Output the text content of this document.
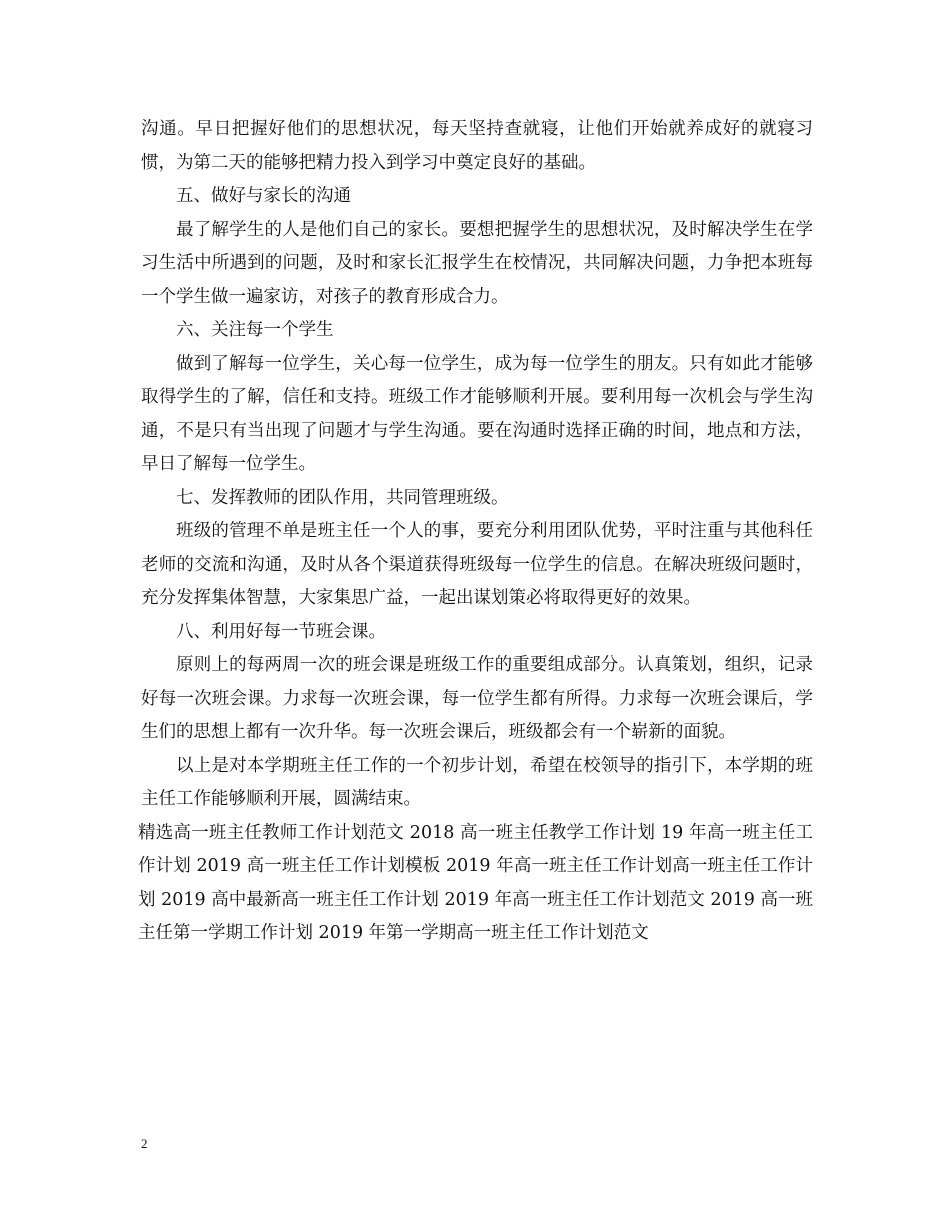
沟通。早日把握好他们的思想状况，每天坚持查就寝，让他们开始就养成好的就寝习惯，为第二天的能够把精力投入到学习中奠定良好的基础。

五、做好与家长的沟通

最了解学生的人是他们自己的家长。要想把握学生的思想状况，及时解决学生在学习生活中所遇到的问题，及时和家长汇报学生在校情况，共同解决问题，力争把本班每一个学生做一遍家访，对孩子的教育形成合力。

六、关注每一个学生

做到了解每一位学生，关心每一位学生，成为每一位学生的朋友。只有如此才能够取得学生的了解，信任和支持。班级工作才能够顺利开展。要利用每一次机会与学生沟通，不是只有当出现了问题才与学生沟通。要在沟通时选择正确的时间，地点和方法，早日了解每一位学生。

七、发挥教师的团队作用，共同管理班级。

班级的管理不单是班主任一个人的事，要充分利用团队优势，平时注重与其他科任老师的交流和沟通，及时从各个渠道获得班级每一位学生的信息。在解决班级问题时，充分发挥集体智慧，大家集思广益，一起出谋划策必将取得更好的效果。

八、利用好每一节班会课。

原则上的每两周一次的班会课是班级工作的重要组成部分。认真策划，组织，记录好每一次班会课。力求每一次班会课，每一位学生都有所得。力求每一次班会课后，学生们的思想上都有一次升华。每一次班会课后，班级都会有一个崭新的面貌。

以上是对本学期班主任工作的一个初步计划，希望在校领导的指引下，本学期的班主任工作能够顺利开展，圆满结束。

精选高一班主任教师工作计划范文 2018 高一班主任教学工作计划 19 年高一班主任工作计划 2019 高一班主任工作计划模板 2019 年高一班主任工作计划高一班主任工作计划 2019 高中最新高一班主任工作计划 2019 年高一班主任工作计划范文 2019 高一班主任第一学期工作计划 2019 年第一学期高一班主任工作计划范文

2
